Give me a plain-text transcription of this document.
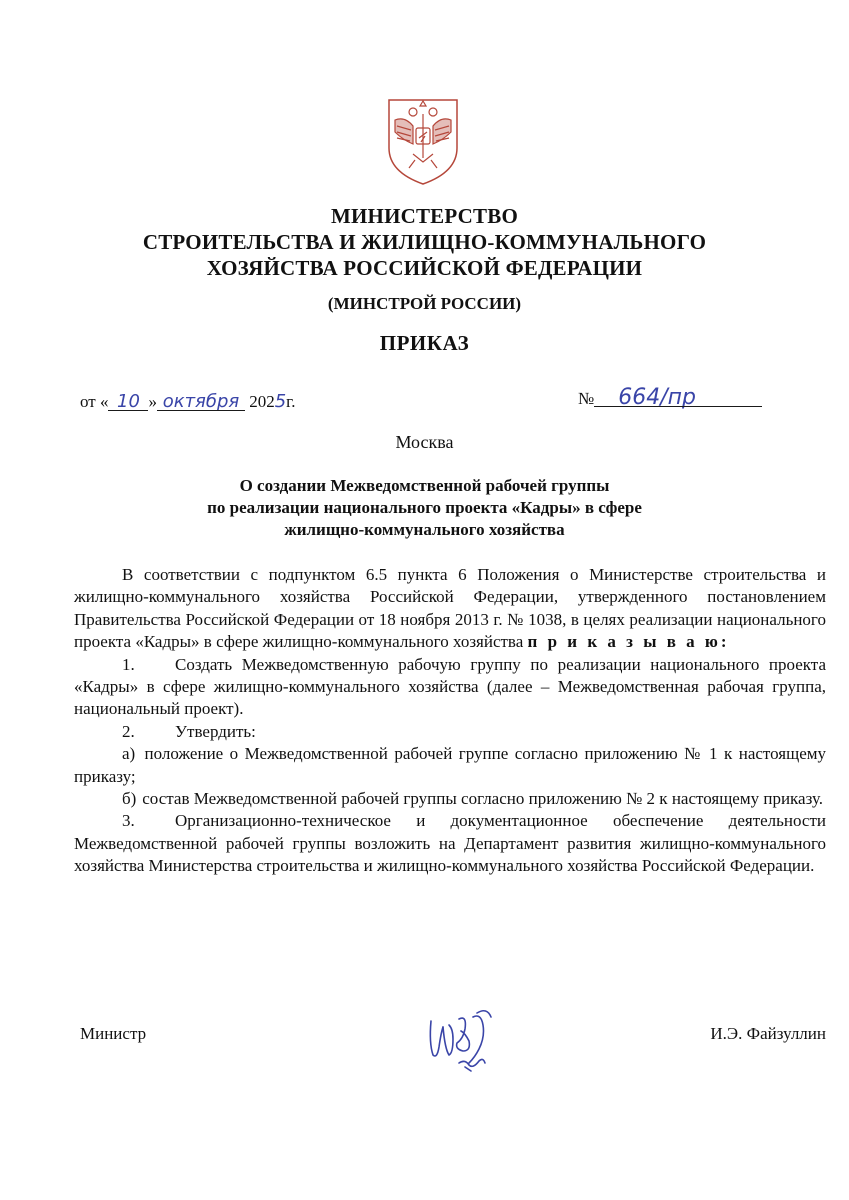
МИНИСТЕРСТВО
СТРОИТЕЛЬСТВА И ЖИЛИЩНО-КОММУНАЛЬНОГО
ХОЗЯЙСТВА РОССИЙСКОЙ ФЕДЕРАЦИИ
(МИНСТРОЙ РОССИИ)
ПРИКАЗ
от « 10 » октября 2025г.	№ 664/пр
Москва
О создании Межведомственной рабочей группы
по реализации национального проекта «Кадры» в сфере
жилищно-коммунального хозяйства

В соответствии с подпунктом 6.5 пункта 6 Положения о Министерстве строительства и жилищно-коммунального хозяйства Российской Федерации, утвержденного постановлением Правительства Российской Федерации от 18 ноября 2013 г. № 1038, в целях реализации национального проекта «Кадры» в сфере жилищно-коммунального хозяйства п р и к а з ы в а ю:

1. Создать Межведомственную рабочую группу по реализации национального проекта «Кадры» в сфере жилищно-коммунального хозяйства (далее – Межведомственная рабочая группа, национальный проект).

2. Утвердить:

а) положение о Межведомственной рабочей группе согласно приложению № 1 к настоящему приказу;

б) состав Межведомственной рабочей группы согласно приложению № 2 к настоящему приказу.

3. Организационно-техническое и документационное обеспечение деятельности Межведомственной рабочей группы возложить на Департамент развития жилищно-коммунального хозяйства Министерства строительства и жилищно-коммунального хозяйства Российской Федерации.

Министр	И.Э. Файзуллин
